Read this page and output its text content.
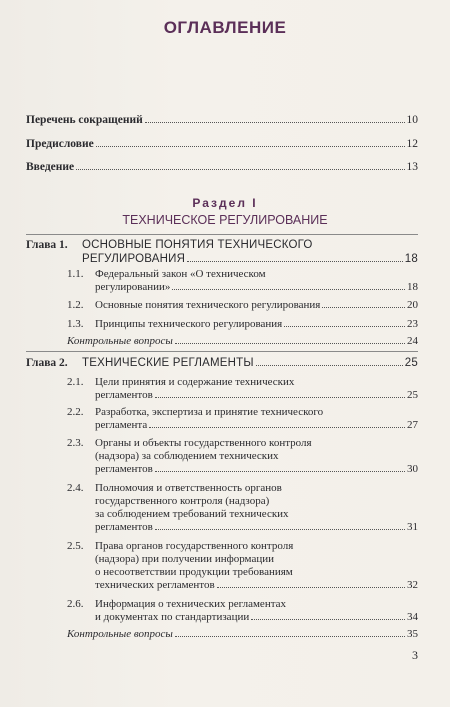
ОГЛАВЛЕНИЕ
Перечень сокращений	10
Предисловие	12
Введение	13
Раздел I
ТЕХНИЧЕСКОЕ РЕГУЛИРОВАНИЕ
Глава 1. ОСНОВНЫЕ ПОНЯТИЯ ТЕХНИЧЕСКОГО
РЕГУЛИРОВАНИЯ	18
1.1. Федеральный закон «О техническом
регулировании»	18
1.2. Основные понятия технического регулирования	20
1.3. Принципы технического регулирования	23
Контрольные вопросы	24
Глава 2. ТЕХНИЧЕСКИЕ РЕГЛАМЕНТЫ	25
2.1. Цели принятия и содержание технических
регламентов	25
2.2. Разработка, экспертиза и принятие технического
регламента	27
2.3. Органы и объекты государственного контроля
(надзора) за соблюдением технических
регламентов	30
2.4. Полномочия и ответственность органов
государственного контроля (надзора)
за соблюдением требований технических
регламентов	31
2.5. Права органов государственного контроля
(надзора) при получении информации
о несоответствии продукции требованиям
технических регламентов	32
2.6. Информация о технических регламентах
и документах по стандартизации	34
Контрольные вопросы	35
3
